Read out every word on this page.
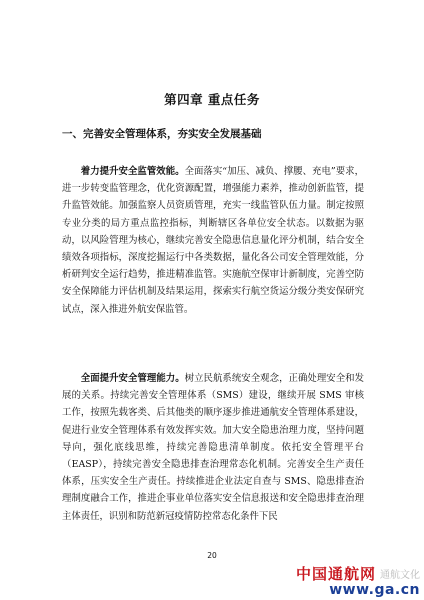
第四章 重点任务
一、完善安全管理体系，夯实安全发展基础

着力提升安全监管效能。全面落实“加压、减负、撑腰、充电”要求，进一步转变监管理念，优化资源配置，增强能力素养，推动创新监管，提升监管效能。加强监察人员资质管理，充实一线监管队伍力量。制定按照专业分类的局方重点监控指标，判断辖区各单位安全状态。以数据为驱动，以风险管理为核心，继续完善安全隐患信息量化评分机制，结合安全绩效各项指标，深度挖掘运行中各类数据，量化各公司安全管理效能，分析研判安全运行趋势，推进精准监管。实施航空保审计新制度，完善空防安全保障能力评估机制及结果运用，探索实行航空货运分级分类安保研究试点，深入推进外航安保监管。

全面提升安全管理能力。树立民航系统安全观念，正确处理安全和发展的关系。持续完善安全管理体系（SMS）建设，继续开展 SMS 审核工作，按照先载客类、后其他类的顺序逐步推进通航安全管理体系建设，促进行业安全管理体系有效发挥实效。加大安全隐患治理力度，坚持问题导向，强化底线思维，持续完善隐患清单制度。依托安全管理平台（EASP），持续完善安全隐患排查治理常态化机制。完善安全生产责任体系，压实安全生产责任。持续推进企业法定自查与 SMS、隐患排查治理制度融合工作，推进企事业单位落实安全信息报送和安全隐患排查治理主体责任，识别和防范新冠疫情防控常态化条件下民

20
中国通航网 通航文化
www.ga.cn
